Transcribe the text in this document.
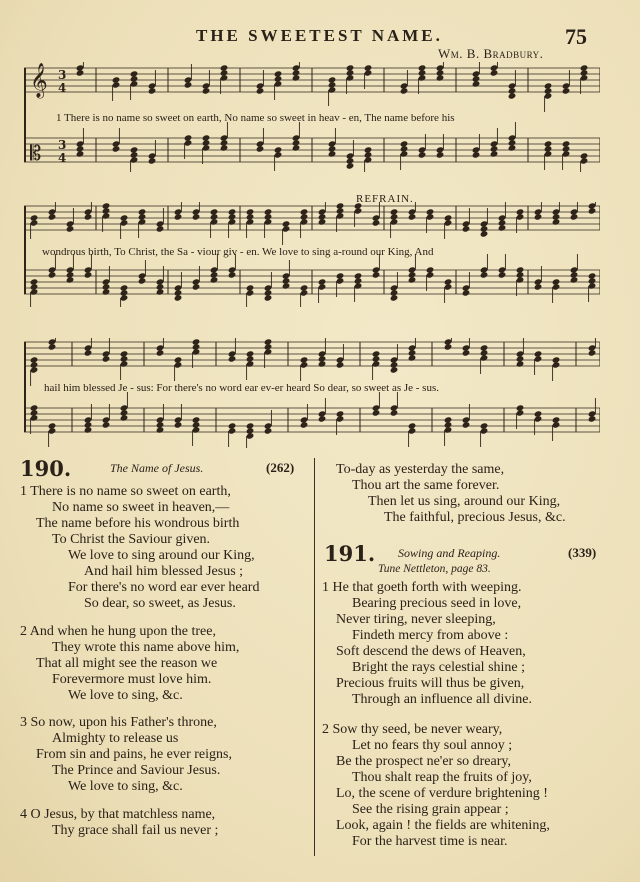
THE SWEETEST NAME.	75
Wm. B. Bradbury.
𝄞 3
4
𝄡 3
4
1 There is no name so sweet on earth, No name so sweet in heav - en, The name before his
wondrous birth, To Christ, the Sa - viour giv - en. We love to sing a-round our King, And
REFRAIN.
hail him blessed Je - sus: For there's no word ear ev-er heard So dear, so sweet as Je - sus.
190.	The Name of Jesus.	(262)
1 There is no name so sweet on earth,
No name so sweet in heaven,—
The name before his wondrous birth
To Christ the Saviour given.
We love to sing around our King,
And hail him blessed Jesus ;
For there's no word ear ever heard
So dear, so sweet, as Jesus.
2 And when he hung upon the tree,
They wrote this name above him,
That all might see the reason we
Forevermore must love him.
We love to sing, &c.
3 So now, upon his Father's throne,
Almighty to release us
From sin and pains, he ever reigns,
The Prince and Saviour Jesus.
We love to sing, &c.
4 O Jesus, by that matchless name,
Thy grace shall fail us never ;
To-day as yesterday the same,
Thou art the same forever.
Then let us sing, around our King,
The faithful, precious Jesus, &c.
191. Sowing and Reaping.	(339)
Tune Nettleton, page 83.
1 He that goeth forth with weeping.
Bearing precious seed in love,
Never tiring, never sleeping,
Findeth mercy from above :
Soft descend the dews of Heaven,
Bright the rays celestial shine ;
Precious fruits will thus be given,
Through an influence all divine.
2 Sow thy seed, be never weary,
Let no fears thy soul annoy ;
Be the prospect ne'er so dreary,
Thou shalt reap the fruits of joy,
Lo, the scene of verdure brightening !
See the rising grain appear ;
Look, again ! the fields are whitening,
For the harvest time is near.
